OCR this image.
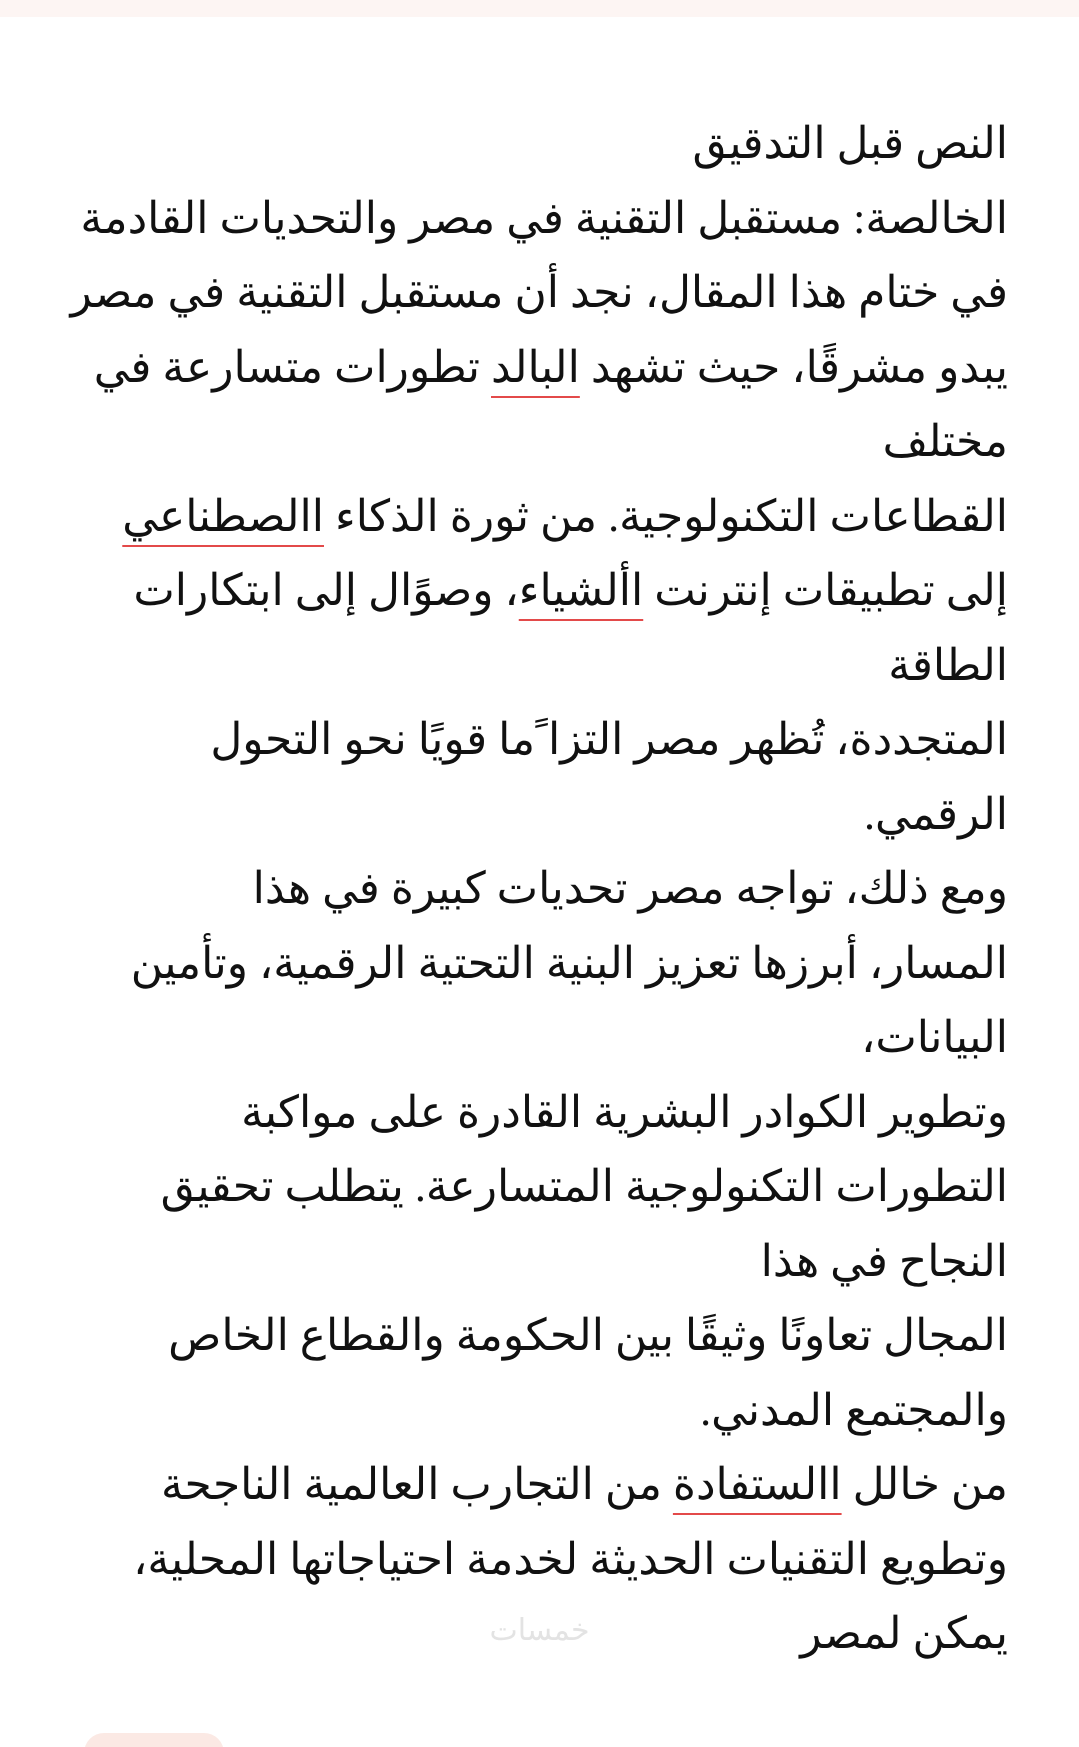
النص قبل التدقيق
الخالصة: مستقبل التقنية في مصر والتحديات القادمة
في ختام هذا المقال، نجد أن مستقبل التقنية في مصر
يبدو مشرقًا، حيث تشهد البالد تطورات متسارعة في
مختلف
القطاعات التكنولوجية. من ثورة الذكاء االصطناعي
إلى تطبيقات إنترنت األشياء، وصوًال إلى ابتكارات
الطاقة
المتجددة، تُظهر مصر التزا ًما قويًا نحو التحول
الرقمي.
ومع ذلك، تواجه مصر تحديات كبيرة في هذا
المسار، أبرزها تعزيز البنية التحتية الرقمية، وتأمين
البيانات،
وتطوير الكوادر البشرية القادرة على مواكبة
التطورات التكنولوجية المتسارعة. يتطلب تحقيق
النجاح في هذا
المجال تعاونًا وثيقًا بين الحكومة والقطاع الخاص
والمجتمع المدني.
من خالل االستفادة من التجارب العالمية الناجحة
وتطويع التقنيات الحديثة لخدمة احتياجاتها المحلية،
يمكن لمصر
خمسات
